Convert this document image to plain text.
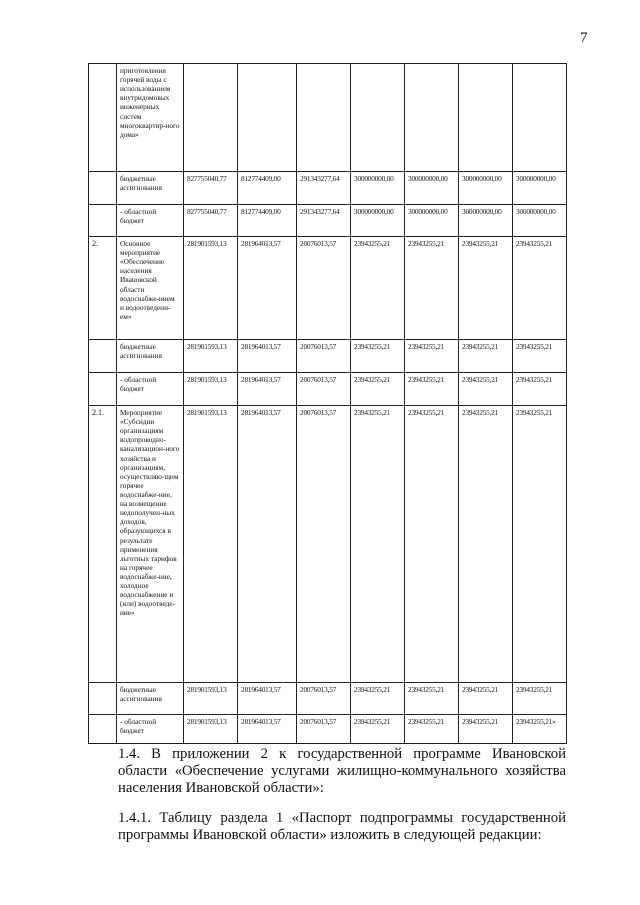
7
	приготовления горячей воды с использованием внутридомовых инженерных систем многоквартир-ного дома»							
	бюджетные ассигнования	827755040,77	812774409,00	291343277,64	300000000,00	300000000,00	300000000,00	300000000,00
	- областной бюджет	827755040,77	812774409,00	291343277,64	300000000,00	300000000,00	300000000,00	300000000,00
2.	Основное мероприятие «Обеспечение населения Ивановской области водоснабже-нием и водоотведени-ем»	281901593,13	281964013,57	20076013,57	23943255,21	23943255,21	23943255,21	23943255,21
	бюджетные ассигнования	281901593,13	281964013,57	20076013,57	23943255,21	23943255,21	23943255,21	23943255,21
	- областной бюджет	281901593,13	281964013,57	20076013,57	23943255,21	23943255,21	23943255,21	23943255,21
2.1.	Мероприятие «Субсидии организациям водопроводно-канализацион-ного хозяйства и организациям, осуществляю-щим горячее водоснабже-ние, на возмещение недополучен-ных доходов, образующихся в результате применения льготных тарифов на горячее водоснабже-ние, холодное водоснабжение и (или) водоотведе-ние»	281901593,13	281964013,57	20076013,57	23943255,21	23943255,21	23943255,21	23943255,21
	бюджетные ассигнования	281901593,13	281964013,57	20076013,57	23943255,21	23943255,21	23943255,21	23943255,21
	- областной бюджет	281901593,13	281964013,57	20076013,57	23943255,21	23943255,21	23943255,21	23943255,21»
1.4. В приложении 2 к государственной программе Ивановской
области «Обеспечение услугами жилищно-коммунального хозяйства
населения Ивановской области»:
1.4.1. Таблицу раздела 1 «Паспорт подпрограммы государственной
программы Ивановской области» изложить в следующей редакции:
